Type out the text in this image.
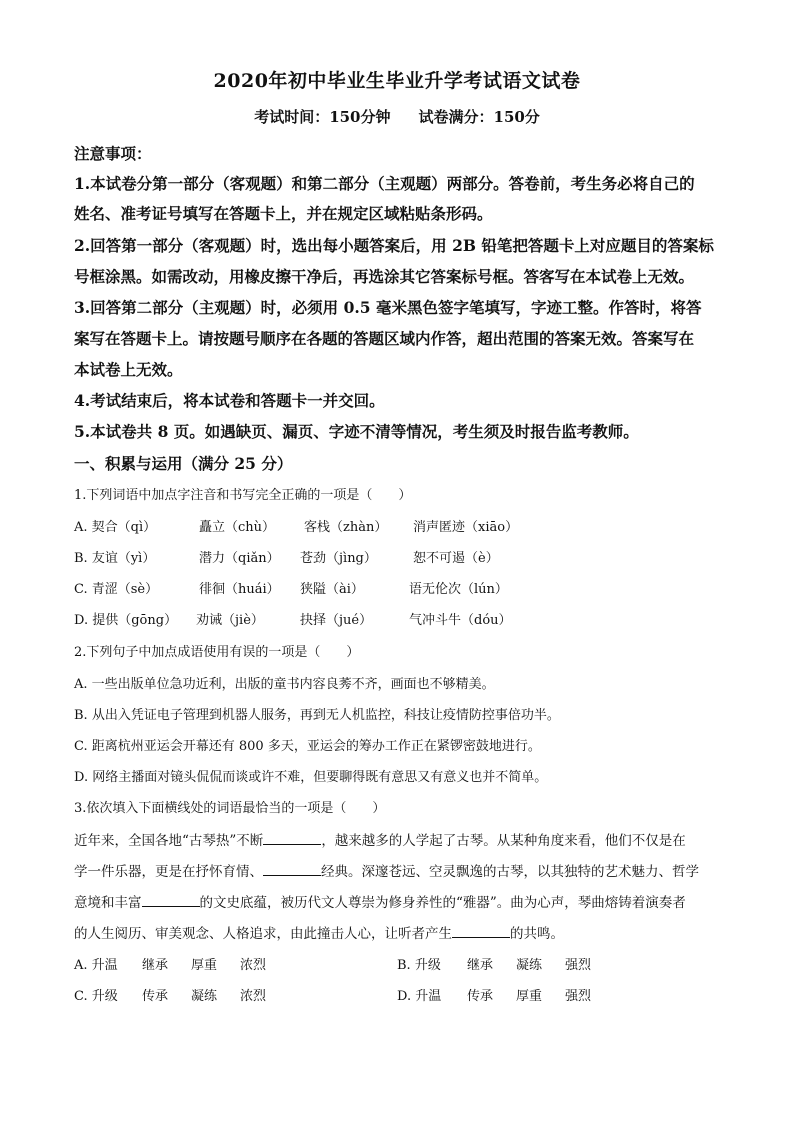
2020年初中毕业生毕业升学考试语文试卷
考试时间：150分钟 试卷满分：150分
注意事项：
1.本试卷分第一部分（客观题）和第二部分（主观题）两部分。答卷前，考生务必将自己的
姓名、准考证号填写在答题卡上，并在规定区域粘贴条形码。
2.回答第一部分（客观题）时，选出每小题答案后，用 2B 铅笔把答题卡上对应题目的答案标
号框涂黑。如需改动，用橡皮擦干净后，再选涂其它答案标号框。答客写在本试卷上无效。
3.回答第二部分（主观题）时，必须用 0.5 毫米黑色签字笔填写，字迹工整。作答时，将答
案写在答题卡上。请按题号顺序在各题的答题区域内作答，超出范围的答案无效。答案写在
本试卷上无效。
4.考试结束后，将本试卷和答题卡一并交回。
5.本试卷共 8 页。如遇缺页、漏页、字迹不清等情况，考生须及时报告监考教师。
一、积累与运用（满分 25 分）
1.下列词语中加点字注音和书写完全正确的一项是（　　）
A. 契合（qì）	矗立（chù） 客栈（zhàn） 消声匿迹（xiāo）
B. 友谊（yì）	潜力（qiǎn） 苍劲（jìng）	恕不可遏（è）
C. 青涩（sè）	徘徊（huái） 狭隘（ài）	语无伦次（lún）
D. 提供（gōng） 劝诫（jiè）	抉择（jué）	气冲斗牛（dóu）
2.下列句子中加点成语使用有误的一项是（　　）
A. 一些出版单位急功近利，出版的童书内容良莠不齐，画面也不够精美。
B. 从出入凭证电子管理到机器人服务，再到无人机监控，科技让疫情防控事倍功半。
C. 距离杭州亚运会开幕还有 800 多天，亚运会的筹办工作正在紧锣密鼓地进行。
D. 网络主播面对镜头侃侃而谈或许不难，但要聊得既有意思又有意义也并不简单。
3.依次填入下面横线处的词语最恰当的一项是（　　）
近年来，全国各地“古琴热”不断	，越来越多的人学起了古琴。从某种角度来看，他们不仅是在
学一件乐器，更是在抒怀育情、	经典。深邃苍远、空灵飘逸的古琴，以其独特的艺术魅力、哲学
意境和丰富	的文史底蕴，被历代文人尊崇为修身养性的“雅器”。曲为心声，琴曲熔铸着演奏者
的人生阅历、审美观念、人格追求，由此撞击人心，让听者产生	的共鸣。
A. 升温 继承 厚重 浓烈	B. 升级 继承 凝练 强烈
C. 升级 传承 凝练 浓烈	D. 升温 传承 厚重 强烈
